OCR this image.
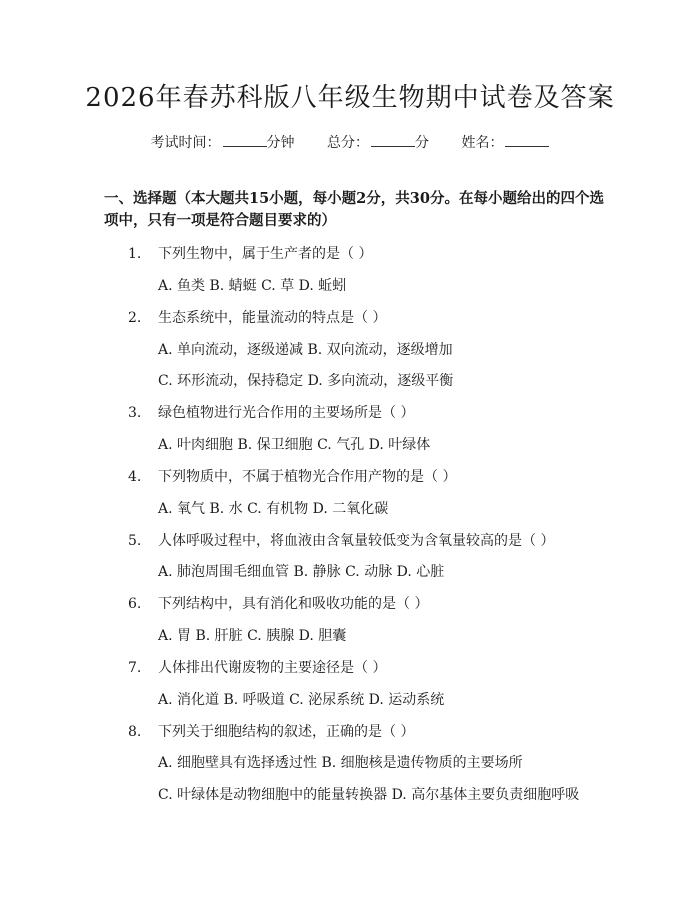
2026年春苏科版八年级生物期中试卷及答案
考试时间：	分钟 总分：	分 姓名：

一、选择题（本大题共15小题，每小题2分，共30分。在每小题给出的四个选项中，只有一项是符合题目要求的）

1. 下列生物中，属于生产者的是（ ）
A. 鱼类 B. 蜻蜓 C. 草 D. 蚯蚓
2. 生态系统中，能量流动的特点是（ ）
A. 单向流动，逐级递减 B. 双向流动，逐级增加
C. 环形流动，保持稳定 D. 多向流动，逐级平衡
3. 绿色植物进行光合作用的主要场所是（ ）
A. 叶肉细胞 B. 保卫细胞 C. 气孔 D. 叶绿体
4. 下列物质中，不属于植物光合作用产物的是（ ）
A. 氧气 B. 水 C. 有机物 D. 二氧化碳
5. 人体呼吸过程中，将血液由含氧量较低变为含氧量较高的是（ ）
A. 肺泡周围毛细血管 B. 静脉 C. 动脉 D. 心脏
6. 下列结构中，具有消化和吸收功能的是（ ）
A. 胃 B. 肝脏 C. 胰腺 D. 胆囊
7. 人体排出代谢废物的主要途径是（ ）
A. 消化道 B. 呼吸道 C. 泌尿系统 D. 运动系统
8. 下列关于细胞结构的叙述，正确的是（ ）
A. 细胞壁具有选择透过性 B. 细胞核是遗传物质的主要场所
C. 叶绿体是动物细胞中的能量转换器 D. 高尔基体主要负责细胞呼吸
